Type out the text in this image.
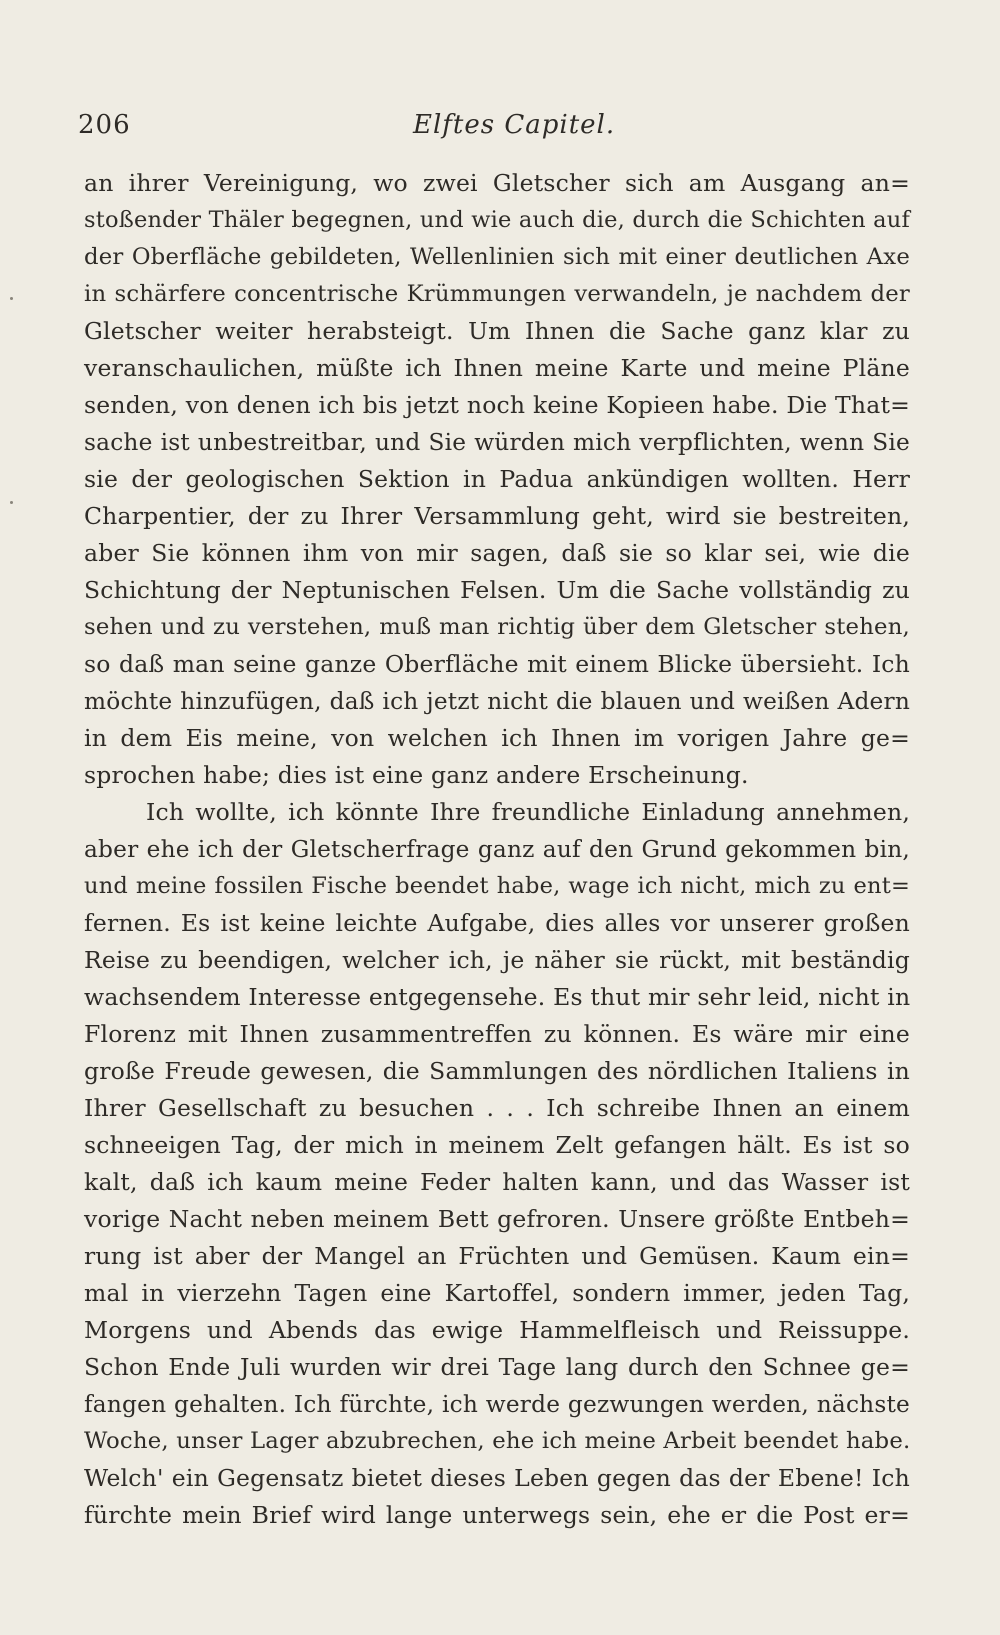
206	Elftes Capitel.
an ihrer Vereinigung, wo zwei Gletscher sich am Ausgang an=
stoßender Thäler begegnen, und wie auch die, durch die Schichten auf
der Oberfläche gebildeten, Wellenlinien sich mit einer deutlichen Axe
in schärfere concentrische Krümmungen verwandeln, je nachdem der
Gletscher weiter herabsteigt. Um Ihnen die Sache ganz klar zu
veranschaulichen, müßte ich Ihnen meine Karte und meine Pläne
senden, von denen ich bis jetzt noch keine Kopieen habe. Die That=
sache ist unbestreitbar, und Sie würden mich verpflichten, wenn Sie
sie der geologischen Sektion in Padua ankündigen wollten. Herr
Charpentier, der zu Ihrer Versammlung geht, wird sie bestreiten,
aber Sie können ihm von mir sagen, daß sie so klar sei, wie die
Schichtung der Neptunischen Felsen. Um die Sache vollständig zu
sehen und zu verstehen, muß man richtig über dem Gletscher stehen,
so daß man seine ganze Oberfläche mit einem Blicke übersieht. Ich
möchte hinzufügen, daß ich jetzt nicht die blauen und weißen Adern
in dem Eis meine, von welchen ich Ihnen im vorigen Jahre ge=
sprochen habe; dies ist eine ganz andere Erscheinung.
Ich wollte, ich könnte Ihre freundliche Einladung annehmen,
aber ehe ich der Gletscherfrage ganz auf den Grund gekommen bin,
und meine fossilen Fische beendet habe, wage ich nicht, mich zu ent=
fernen. Es ist keine leichte Aufgabe, dies alles vor unserer großen
Reise zu beendigen, welcher ich, je näher sie rückt, mit beständig
wachsendem Interesse entgegensehe. Es thut mir sehr leid, nicht in
Florenz mit Ihnen zusammentreffen zu können. Es wäre mir eine
große Freude gewesen, die Sammlungen des nördlichen Italiens in
Ihrer Gesellschaft zu besuchen . . . Ich schreibe Ihnen an einem
schneeigen Tag, der mich in meinem Zelt gefangen hält. Es ist so
kalt, daß ich kaum meine Feder halten kann, und das Wasser ist
vorige Nacht neben meinem Bett gefroren. Unsere größte Entbeh=
rung ist aber der Mangel an Früchten und Gemüsen. Kaum ein=
mal in vierzehn Tagen eine Kartoffel, sondern immer, jeden Tag,
Morgens und Abends das ewige Hammelfleisch und Reissuppe.
Schon Ende Juli wurden wir drei Tage lang durch den Schnee ge=
fangen gehalten. Ich fürchte, ich werde gezwungen werden, nächste
Woche, unser Lager abzubrechen, ehe ich meine Arbeit beendet habe.
Welch' ein Gegensatz bietet dieses Leben gegen das der Ebene! Ich
fürchte mein Brief wird lange unterwegs sein, ehe er die Post er=
